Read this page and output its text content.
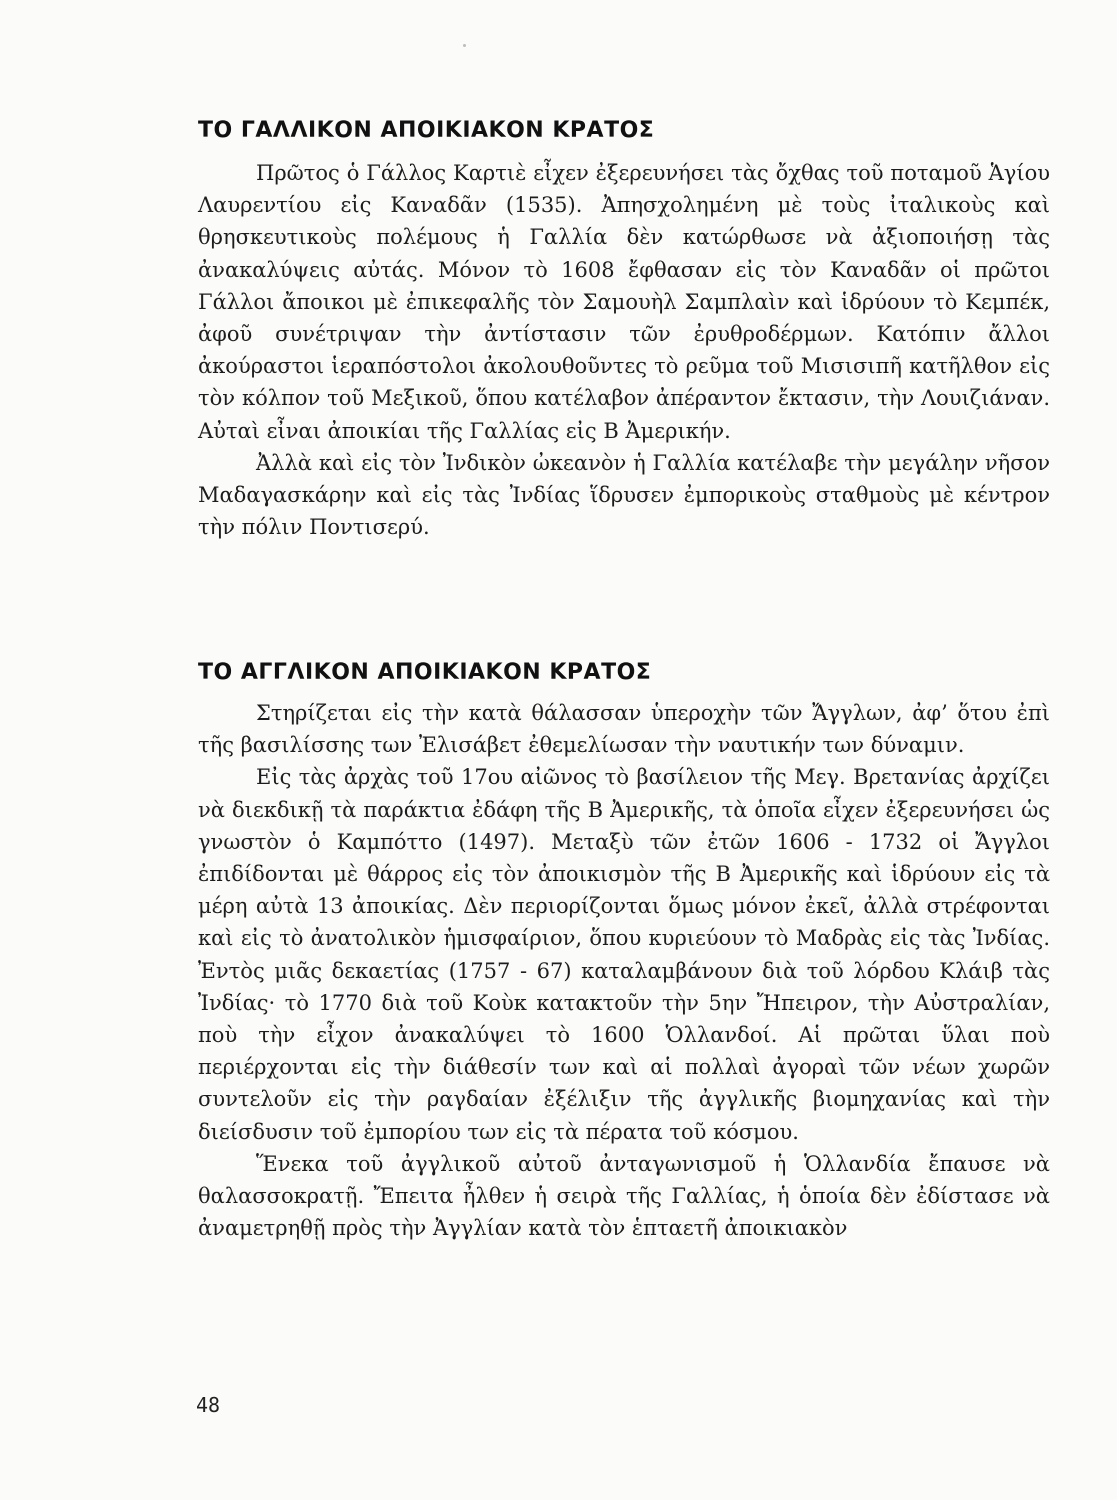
ΤΟ ΓΑΛΛΙΚΟΝ ΑΠΟΙΚΙΑΚΟΝ ΚΡΑΤΟΣ

Πρῶτος ὁ Γάλλος Καρτιὲ εἶχεν ἐξερευνήσει τὰς ὄχθας τοῦ ποταμοῦ Ἁγίου Λαυρεντίου εἰς Καναδᾶν (1535). Ἀπησχολημένη μὲ τοὺς ἰταλικοὺς καὶ θρησκευτικοὺς πολέμους ἡ Γαλλία δὲν κατώρθωσε νὰ ἀξιοποιήσῃ τὰς ἀνακαλύψεις αὐτάς. Μόνον τὸ 1608 ἔφθασαν εἰς τὸν Καναδᾶν οἱ πρῶτοι Γάλλοι ἄποικοι μὲ ἐπικεφαλῆς τὸν Σαμουὴλ Σαμπλαὶν καὶ ἱδρύουν τὸ Κεμπέκ, ἀφοῦ συνέτριψαν τὴν ἀντίστασιν τῶν ἐρυθροδέρμων. Κατόπιν ἄλλοι ἀκούραστοι ἱεραπόστολοι ἀκολουθοῦντες τὸ ρεῦμα τοῦ Μισισιπῆ κατῆλθον εἰς τὸν κόλπον τοῦ Μεξικοῦ, ὅπου κατέλαβον ἀπέραντον ἔκτασιν, τὴν Λουιζιάναν. Αὐταὶ εἶναι ἀποικίαι τῆς Γαλλίας εἰς Β Ἀμερικήν.

Ἀλλὰ καὶ εἰς τὸν Ἰνδικὸν ὠκεανὸν ἡ Γαλλία κατέλαβε τὴν μεγάλην νῆσον Μαδαγασκάρην καὶ εἰς τὰς Ἰνδίας ἵδρυσεν ἐμπορικοὺς σταθμοὺς μὲ κέντρον τὴν πόλιν Ποντισερύ.

ΤΟ ΑΓΓΛΙΚΟΝ ΑΠΟΙΚΙΑΚΟΝ ΚΡΑΤΟΣ

Στηρίζεται εἰς τὴν κατὰ θάλασσαν ὑπεροχὴν τῶν Ἄγγλων, ἀφ’ ὅτου ἐπὶ τῆς βασιλίσσης των Ἐλισάβετ ἐθεμελίωσαν τὴν ναυτικήν των δύναμιν.

Εἰς τὰς ἀρχὰς τοῦ 17ου αἰῶνος τὸ βασίλειον τῆς Μεγ. Βρετανίας ἀρχίζει νὰ διεκδικῇ τὰ παράκτια ἐδάφη τῆς Β Ἀμερικῆς, τὰ ὁποῖα εἶχεν ἐξερευνήσει ὡς γνωστὸν ὁ Καμπόττο (1497). Μεταξὺ τῶν ἐτῶν 1606 - 1732 οἱ Ἄγγλοι ἐπιδίδονται μὲ θάρρος εἰς τὸν ἀποικισμὸν τῆς Β Ἀμερικῆς καὶ ἱδρύουν εἰς τὰ μέρη αὐτὰ 13 ἀποικίας. Δὲν περιορίζονται ὅμως μόνον ἐκεῖ, ἀλλὰ στρέφονται καὶ εἰς τὸ ἀνατολικὸν ἡμισφαίριον, ὅπου κυριεύουν τὸ Μαδρὰς εἰς τὰς Ἰνδίας. Ἐντὸς μιᾶς δεκαετίας (1757 - 67) καταλαμβάνουν διὰ τοῦ λόρδου Κλάιβ τὰς Ἰνδίας· τὸ 1770 διὰ τοῦ Κοὺκ κατακτοῦν τὴν 5ην Ἤπειρον, τὴν Αὐστραλίαν, ποὺ τὴν εἶχον ἀνακαλύψει τὸ 1600 Ὁλλανδοί. Αἱ πρῶται ὕλαι ποὺ περιέρχονται εἰς τὴν διάθεσίν των καὶ αἱ πολλαὶ ἀγοραὶ τῶν νέων χωρῶν συντελοῦν εἰς τὴν ραγδαίαν ἐξέλιξιν τῆς ἀγγλικῆς βιομηχανίας καὶ τὴν διείσδυσιν τοῦ ἐμπορίου των εἰς τὰ πέρατα τοῦ κόσμου.

Ἕνεκα τοῦ ἀγγλικοῦ αὐτοῦ ἀνταγωνισμοῦ ἡ Ὁλλανδία ἔπαυσε νὰ θαλασσοκρατῇ. Ἔπειτα ἦλθεν ἡ σειρὰ τῆς Γαλλίας, ἡ ὁποία δὲν ἐδίστασε νὰ ἀναμετρηθῇ πρὸς τὴν Ἀγγλίαν κατὰ τὸν ἑπταετῆ ἀποικιακὸν

48
